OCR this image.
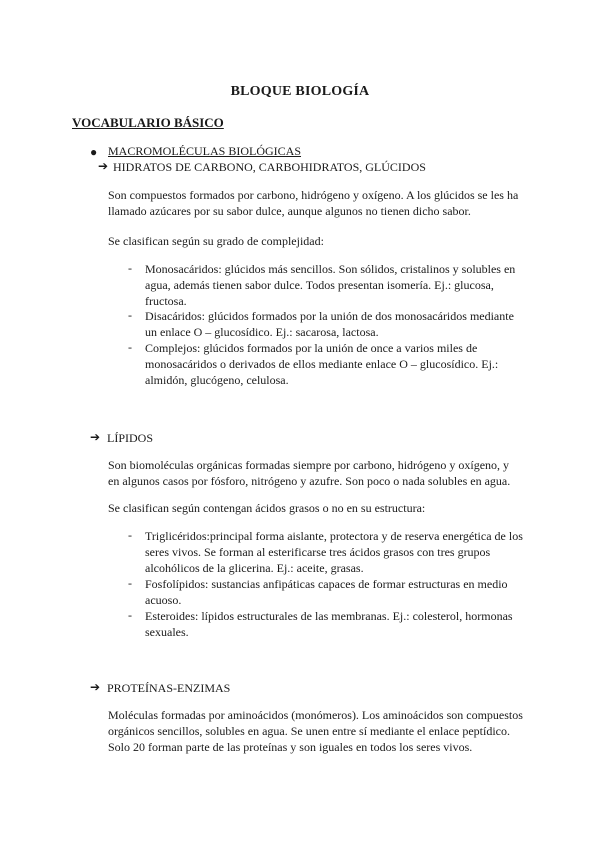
BLOQUE BIOLOGÍA
VOCABULARIO BÁSICO
● MACROMOLÉCULAS BIOLÓGICAS
➔ HIDRATOS DE CARBONO, CARBOHIDRATOS, GLÚCIDOS

Son compuestos formados por carbono, hidrógeno y oxígeno. A los glúcidos se les ha

llamado azúcares por su sabor dulce, aunque algunos no tienen dicho sabor.

Se clasifican según su grado de complejidad:

- Monosacáridos: glúcidos más sencillos. Son sólidos, cristalinos y solubles en
agua, además tienen sabor dulce. Todos presentan isomería. Ej.: glucosa,
fructosa.
- Disacáridos: glúcidos formados por la unión de dos monosacáridos mediante
un enlace O – glucosídico. Ej.: sacarosa, lactosa.
- Complejos: glúcidos formados por la unión de once a varios miles de
monosacáridos o derivados de ellos mediante enlace O – glucosídico. Ej.:
almidón, glucógeno, celulosa.
➔ LÍPIDOS

Son biomoléculas orgánicas formadas siempre por carbono, hidrógeno y oxígeno, y

en algunos casos por fósforo, nitrógeno y azufre. Son poco o nada solubles en agua.

Se clasifican según contengan ácidos grasos o no en su estructura:

- Triglicéridos:principal forma aislante, protectora y de reserva energética de los
seres vivos. Se forman al esterificarse tres ácidos grasos con tres grupos
alcohólicos de la glicerina. Ej.: aceite, grasas.
- Fosfolípidos: sustancias anfipáticas capaces de formar estructuras en medio
acuoso.
- Esteroides: lípidos estructurales de las membranas. Ej.: colesterol, hormonas
sexuales.
➔ PROTEÍNAS-ENZIMAS

Moléculas formadas por aminoácidos (monómeros). Los aminoácidos son compuestos

orgánicos sencillos, solubles en agua. Se unen entre sí mediante el enlace peptídico.

Solo 20 forman parte de las proteínas y son iguales en todos los seres vivos.
